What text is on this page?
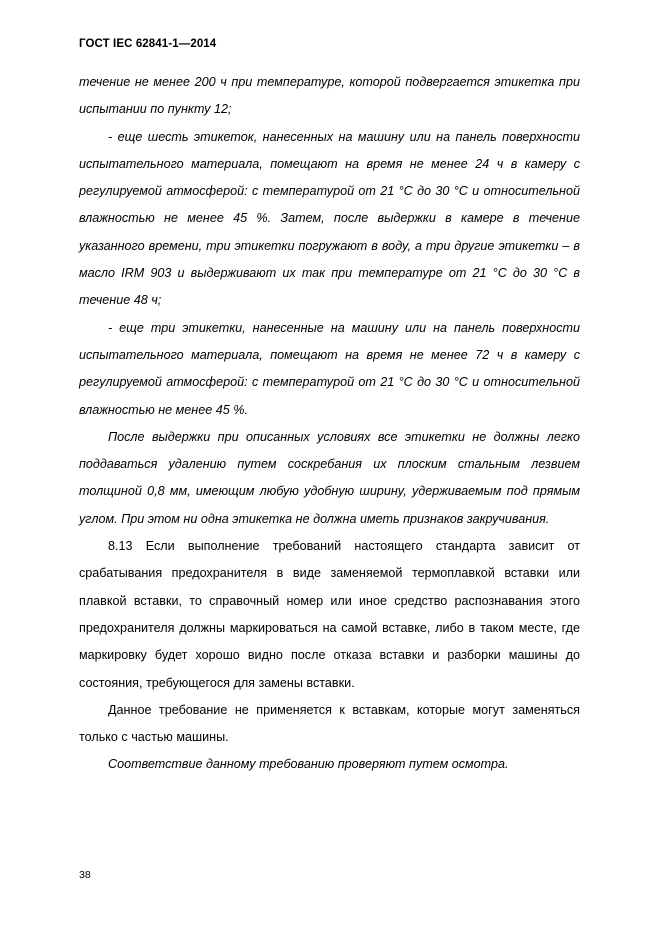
ГОСТ IEC 62841-1—2014

течение не менее 200 ч при температуре, которой подвергается этикетка при испытании по пункту 12;

- еще шесть этикеток, нанесенных на машину или на панель поверхности испытательного материала, помещают на время не менее 24 ч в камеру с регулируемой атмосферой: с температурой от 21 °С до 30 °С и относительной влажностью не менее 45 %. Затем, после выдержки в камере в течение указанного времени, три этикетки погружают в воду, а три другие этикетки – в масло IRM 903 и выдерживают их так при температуре от 21 °С до 30 °С в течение 48 ч;

- еще три этикетки, нанесенные на машину или на панель поверхности испытательного материала, помещают на время не менее 72 ч в камеру с регулируемой атмосферой: с температурой от 21 °С до 30 °С и относительной влажностью не менее 45 %.

После выдержки при описанных условиях все этикетки не должны легко поддаваться удалению путем соскребания их плоским стальным лезвием толщиной 0,8 мм, имеющим любую удобную ширину, удерживаемым под прямым углом. При этом ни одна этикетка не должна иметь признаков закручивания.

8.13 Если выполнение требований настоящего стандарта зависит от срабатывания предохранителя в виде заменяемой термоплавкой вставки или плавкой вставки, то справочный номер или иное средство распознавания этого предохранителя должны маркироваться на самой вставке, либо в таком месте, где маркировку будет хорошо видно после отказа вставки и разборки машины до состояния, требующегося для замены вставки.

Данное требование не применяется к вставкам, которые могут заменяться только с частью машины.

Соответствие данному требованию проверяют путем осмотра.

38
